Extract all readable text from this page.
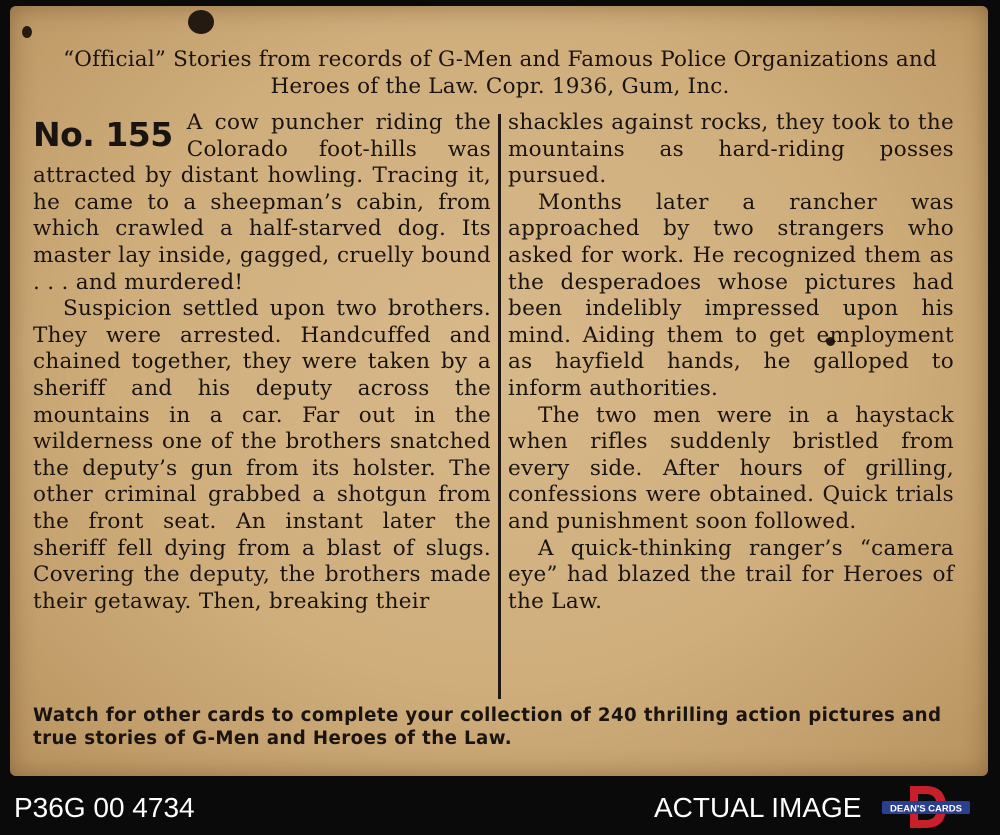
“Official” Stories from records of G-Men and Famous Police Organizations and Heroes of the Law. Copr. 1936, Gum, Inc.
No. 155 A cow puncher riding the Colorado foot-hills was attracted by distant howling. Tracing it, he came to a sheepman’s cabin, from which crawled a half-starved dog. Its master lay inside, gagged, cruelly bound . . . and murdered!

Suspicion settled upon two brothers. They were arrested. Handcuffed and chained together, they were taken by a sheriff and his deputy across the mountains in a car. Far out in the wilderness one of the brothers snatched the deputy’s gun from its holster. The other criminal grabbed a shotgun from the front seat. An instant later the sheriff fell dying from a blast of slugs. Covering the deputy, the brothers made their getaway. Then, breaking their

shackles against rocks, they took to the mountains as hard-riding posses pursued.

Months later a rancher was approached by two strangers who asked for work. He recognized them as the desperadoes whose pictures had been indelibly impressed upon his mind. Aiding them to get employment as hayfield hands, he galloped to inform authorities.

The two men were in a haystack when rifles suddenly bristled from every side. After hours of grilling, confessions were obtained. Quick trials and punishment soon followed.

A quick-thinking ranger’s “camera eye” had blazed the trail for Heroes of the Law.

Watch for other cards to complete your collection of 240 thrilling action pictures and true stories of G-Men and Heroes of the Law.
P36G 00 4734	ACTUAL IMAGE	DEAN'S CARDS
